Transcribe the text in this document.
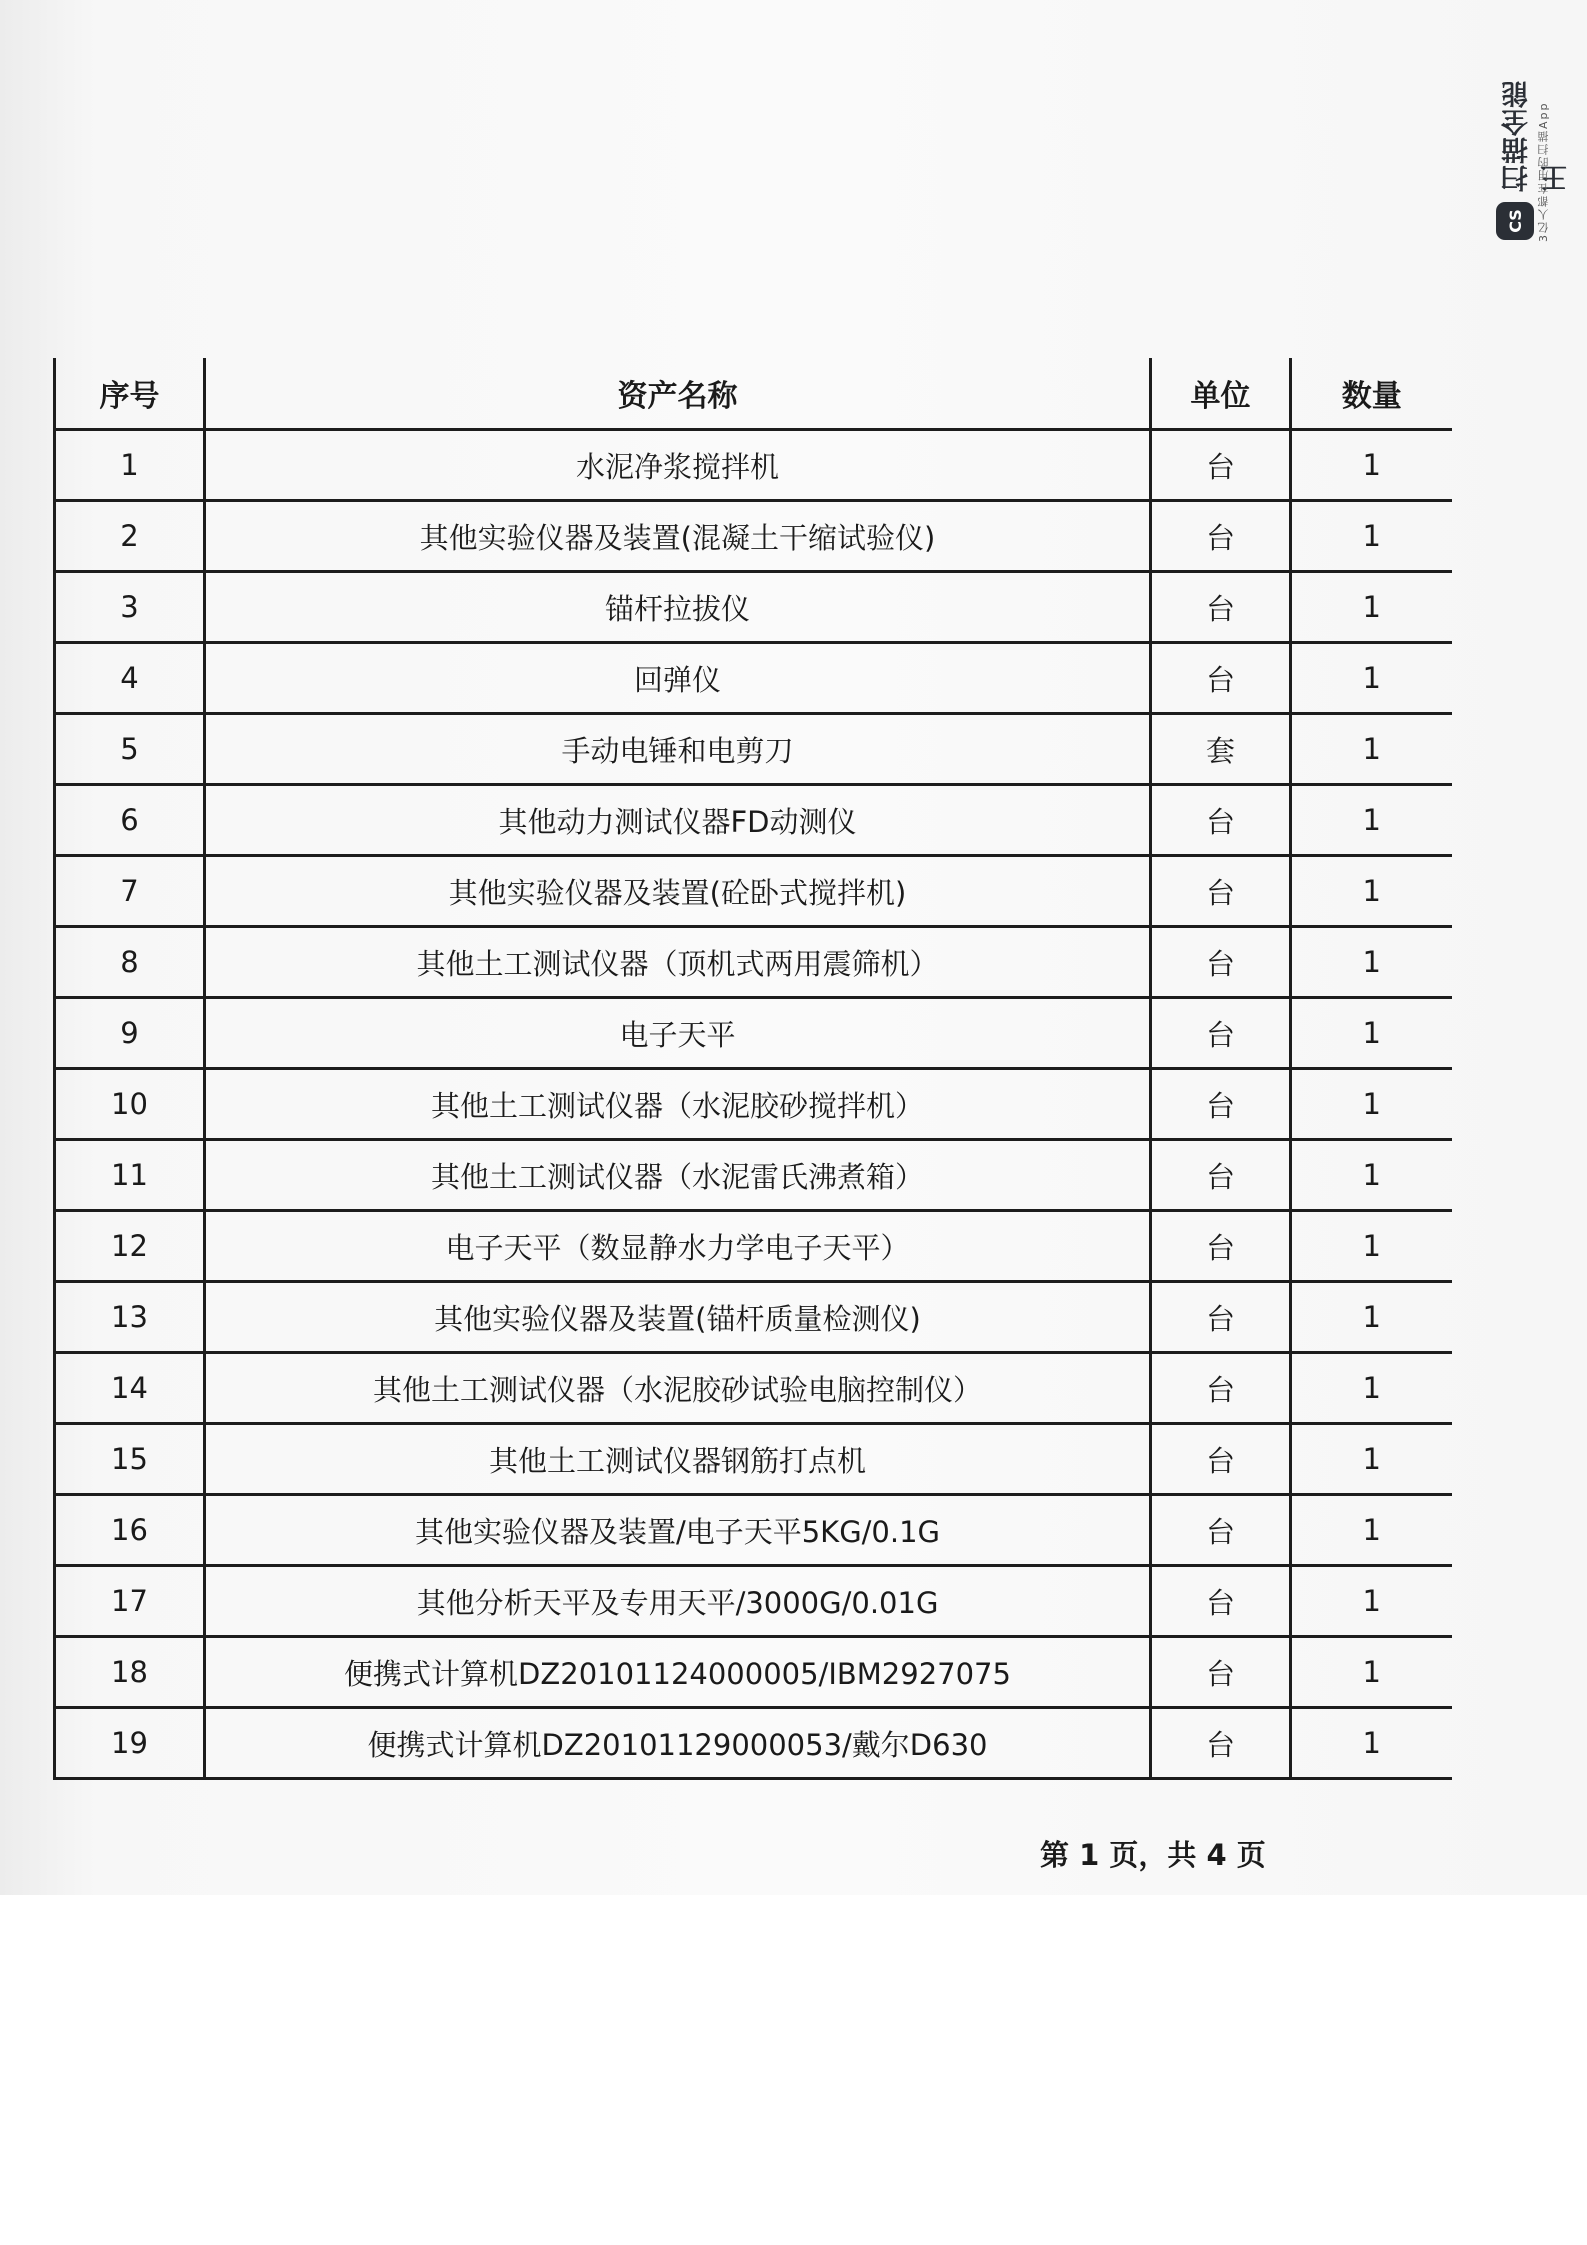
扫描全能王
3亿人都在用的扫描App
CS
序号	资产名称	单位	数量
1	水泥净浆搅拌机	台	1
2	其他实验仪器及装置(混凝土干缩试验仪)	台	1
3	锚杆拉拔仪	台	1
4	回弹仪	台	1
5	手动电锤和电剪刀	套	1
6	其他动力测试仪器FD动测仪	台	1
7	其他实验仪器及装置(砼卧式搅拌机)	台	1
8	其他土工测试仪器（顶机式两用震筛机）	台	1
9	电子天平	台	1
10	其他土工测试仪器（水泥胶砂搅拌机）	台	1
11	其他土工测试仪器（水泥雷氏沸煮箱）	台	1
12	电子天平（数显静水力学电子天平）	台	1
13	其他实验仪器及装置(锚杆质量检测仪)	台	1
14	其他土工测试仪器（水泥胶砂试验电脑控制仪）	台	1
15	其他土工测试仪器钢筋打点机	台	1
16	其他实验仪器及装置/电子天平5KG/0.1G	台	1
17	其他分析天平及专用天平/3000G/0.01G	台	1
18	便携式计算机DZ20101124000005/IBM2927075	台	1
19	便携式计算机DZ20101129000053/戴尔D630	台	1
第 1 页，共 4 页
